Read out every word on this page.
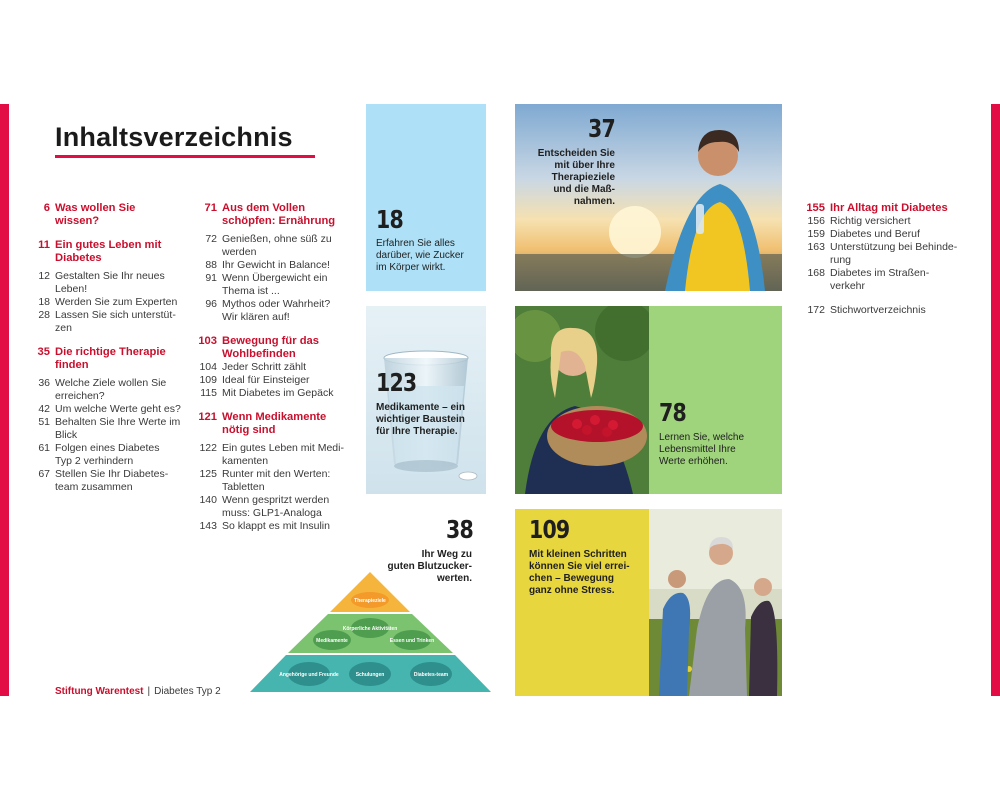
Inhaltsverzeichnis
6 Was wollen Sie
wissen?
11 Ein gutes Leben mit
Diabetes
12 Gestalten Sie Ihr neues
Leben!
18 Werden Sie zum Experten
28 Lassen Sie sich unterstüt-
zen
35 Die richtige Therapie
finden
36 Welche Ziele wollen Sie
erreichen?
42 Um welche Werte geht es?
51 Behalten Sie Ihre Werte im
Blick
61 Folgen eines Diabetes
Typ 2 verhindern
67 Stellen Sie Ihr Diabetes-
team zusammen
71 Aus dem Vollen
schöpfen: Ernährung
72 Genießen, ohne süß zu
werden
88 Ihr Gewicht in Balance!
91 Wenn Übergewicht ein
Thema ist ...
96 Mythos oder Wahrheit?
Wir klären auf!
103 Bewegung für das
Wohlbefinden
104 Jeder Schritt zählt
109 Ideal für Einsteiger
115 Mit Diabetes im Gepäck
121 Wenn Medikamente
nötig sind
122 Ein gutes Leben mit Medi-
kamenten
125 Runter mit den Werten:
Tabletten
140 Wenn gespritzt werden
muss: GLP1-Analoga
143 So klappt es mit Insulin
155 Ihr Alltag mit Diabetes
156 Richtig versichert
159 Diabetes und Beruf
163 Unterstützung bei Behinde-
rung
168 Diabetes im Straßen-
verkehr
172 Stichwortverzeichnis
18
Erfahren Sie alles
darüber, wie Zucker
im Körper wirkt.
123
Medikamente – ein
wichtiger Baustein
für Ihre Therapie.
37
Entscheiden Sie
mit über Ihre
Therapieziele
und die Maß-
nahmen.
78
Lernen Sie, welche
Lebensmittel Ihre
Werte erhöhen.
38
Ihr Weg zu
guten Blutzucker-
werten.
Therapieziele
Medikamente
Körperliche Aktivitäten
Essen und Trinken
Angehörige und Freunde	Schulungen	Diabetes-team
109
Mit kleinen Schritten
können Sie viel errei-
chen – Bewegung
ganz ohne Stress.
Stiftung Warentest | Diabetes Typ 2
